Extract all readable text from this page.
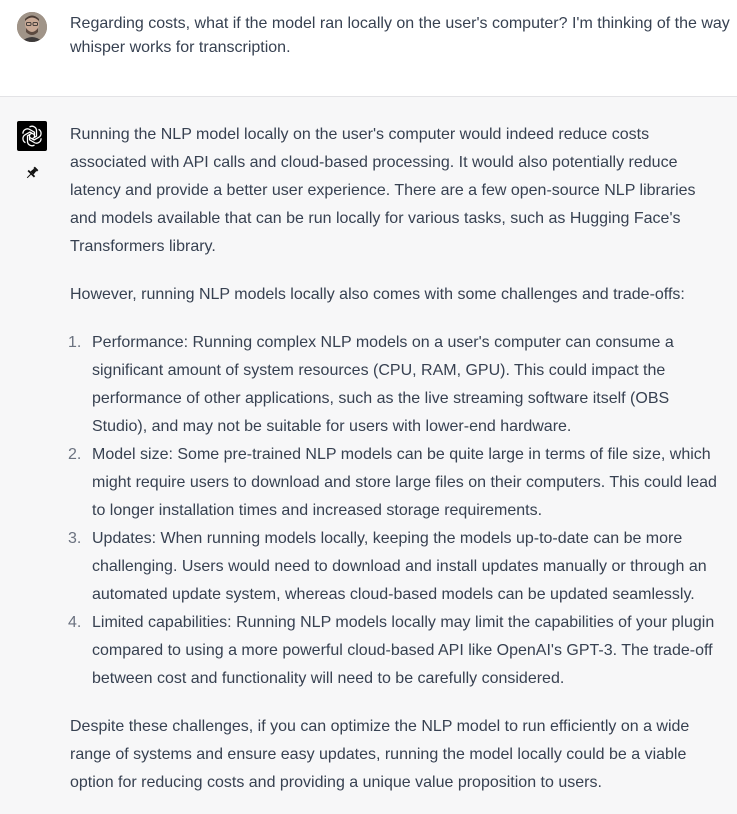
Regarding costs, what if the model ran locally on the user's computer? I'm thinking of the way whisper works for transcription.

Running the NLP model locally on the user's computer would indeed reduce costs associated with API calls and cloud-based processing. It would also potentially reduce latency and provide a better user experience. There are a few open-source NLP libraries and models available that can be run locally for various tasks, such as Hugging Face's Transformers library.

However, running NLP models locally also comes with some challenges and trade-offs:

1. Performance: Running complex NLP models on a user's computer can consume a significant amount of system resources (CPU, RAM, GPU). This could impact the performance of other applications, such as the live streaming software itself (OBS Studio), and may not be suitable for users with lower-end hardware.
2. Model size: Some pre-trained NLP models can be quite large in terms of file size, which might require users to download and store large files on their computers. This could lead to longer installation times and increased storage requirements.
3. Updates: When running models locally, keeping the models up-to-date can be more challenging. Users would need to download and install updates manually or through an automated update system, whereas cloud-based models can be updated seamlessly.
4. Limited capabilities: Running NLP models locally may limit the capabilities of your plugin compared to using a more powerful cloud-based API like OpenAI's GPT-3. The trade-off between cost and functionality will need to be carefully considered.

Despite these challenges, if you can optimize the NLP model to run efficiently on a wide range of systems and ensure easy updates, running the model locally could be a viable option for reducing costs and providing a unique value proposition to users.
